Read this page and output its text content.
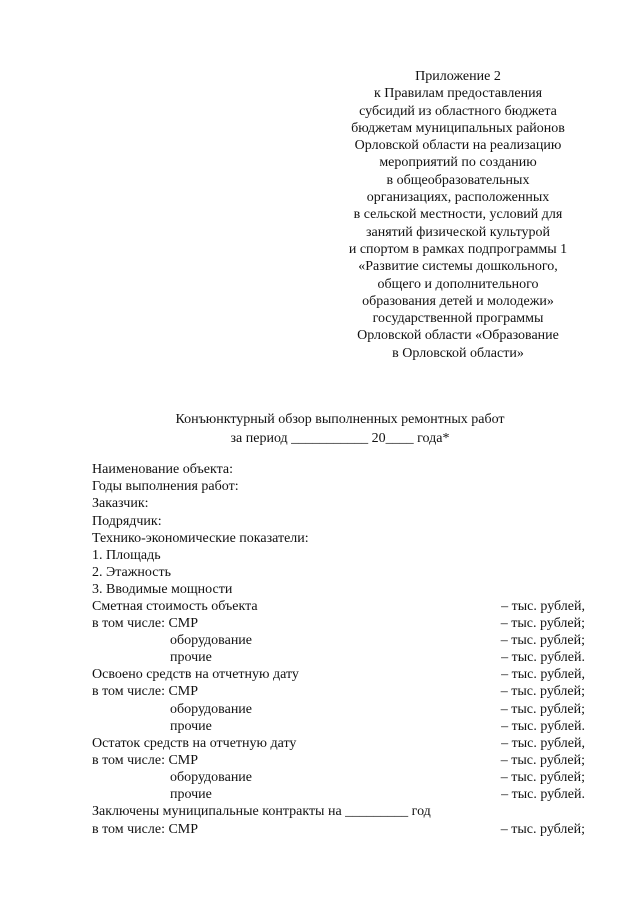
Приложение 2
к Правилам предоставления
субсидий из областного бюджета
бюджетам муниципальных районов
Орловской области на реализацию
мероприятий по созданию
в общеобразовательных
организациях, расположенных
в сельской местности, условий для
занятий физической культурой
и спортом в рамках подпрограммы 1
«Развитие системы дошкольного,
общего и дополнительного
образования детей и молодежи»
государственной программы
Орловской области «Образование
в Орловской области»
Конъюнктурный обзор выполненных ремонтных работ
за период ___________ 20____ года*
Наименование объекта:
Годы выполнения работ:
Заказчик:
Подрядчик:
Технико-экономические показатели:
1. Площадь
2. Этажность
3. Вводимые мощности
Сметная стоимость объекта	– тыс. рублей,
в том числе: СМР	– тыс. рублей;
оборудование	– тыс. рублей;
прочие	– тыс. рублей.
Освоено средств на отчетную дату	– тыс. рублей,
в том числе: СМР	– тыс. рублей;
оборудование	– тыс. рублей;
прочие	– тыс. рублей.
Остаток средств на отчетную дату	– тыс. рублей,
в том числе: СМР	– тыс. рублей;
оборудование	– тыс. рублей;
прочие	– тыс. рублей.
Заключены муниципальные контракты на _________ год
в том числе: СМР	– тыс. рублей;
